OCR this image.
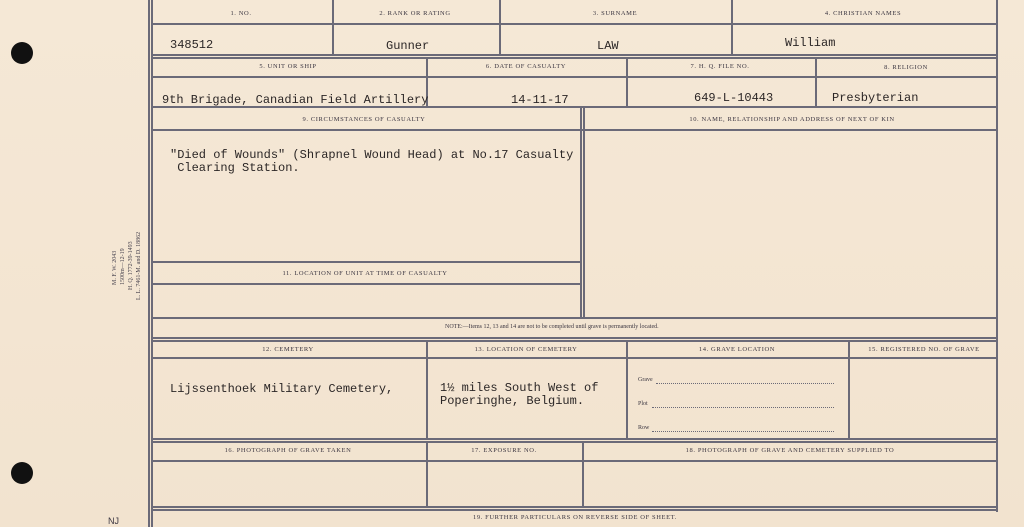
1. NO.	2. RANK OR RATING	3. SURNAME	4. CHRISTIAN NAMES
348512	Gunner	LAW	William
5. UNIT OR SHIP	6. DATE OF CASUALTY	7. H. Q. FILE NO.	8. RELIGION
9th Brigade, Canadian Field Artillery	14-11-17	649-L-10443	Presbyterian
9. CIRCUMSTANCES OF CASUALTY	10. NAME, RELATIONSHIP AND ADDRESS OF NEXT OF KIN
"Died of Wounds" (Shrapnel Wound Head) at No.17 Casualty
Clearing Station.
11. LOCATION OF UNIT AT TIME OF CASUALTY
NOTE:—Items 12, 13 and 14 are not to be completed until grave is permanently located.
12. CEMETERY	13. LOCATION OF CEMETERY	14. GRAVE LOCATION	15. REGISTERED NO. OF GRAVE
Lijssenthoek Military Cemetery,	1½ miles South West of
Poperinghe, Belgium.
Grave
Plot
Row
16. PHOTOGRAPH OF GRAVE TAKEN	17. EXPOSURE NO.	18. PHOTOGRAPH OF GRAVE AND CEMETERY SUPPLIED TO
19. FURTHER PARTICULARS ON REVERSE SIDE OF SHEET.
M. F. W. 2043 1500m—12-19 H. Q. 1772-39-1493 L. L. 7461-M. and D. 18862
NJ
